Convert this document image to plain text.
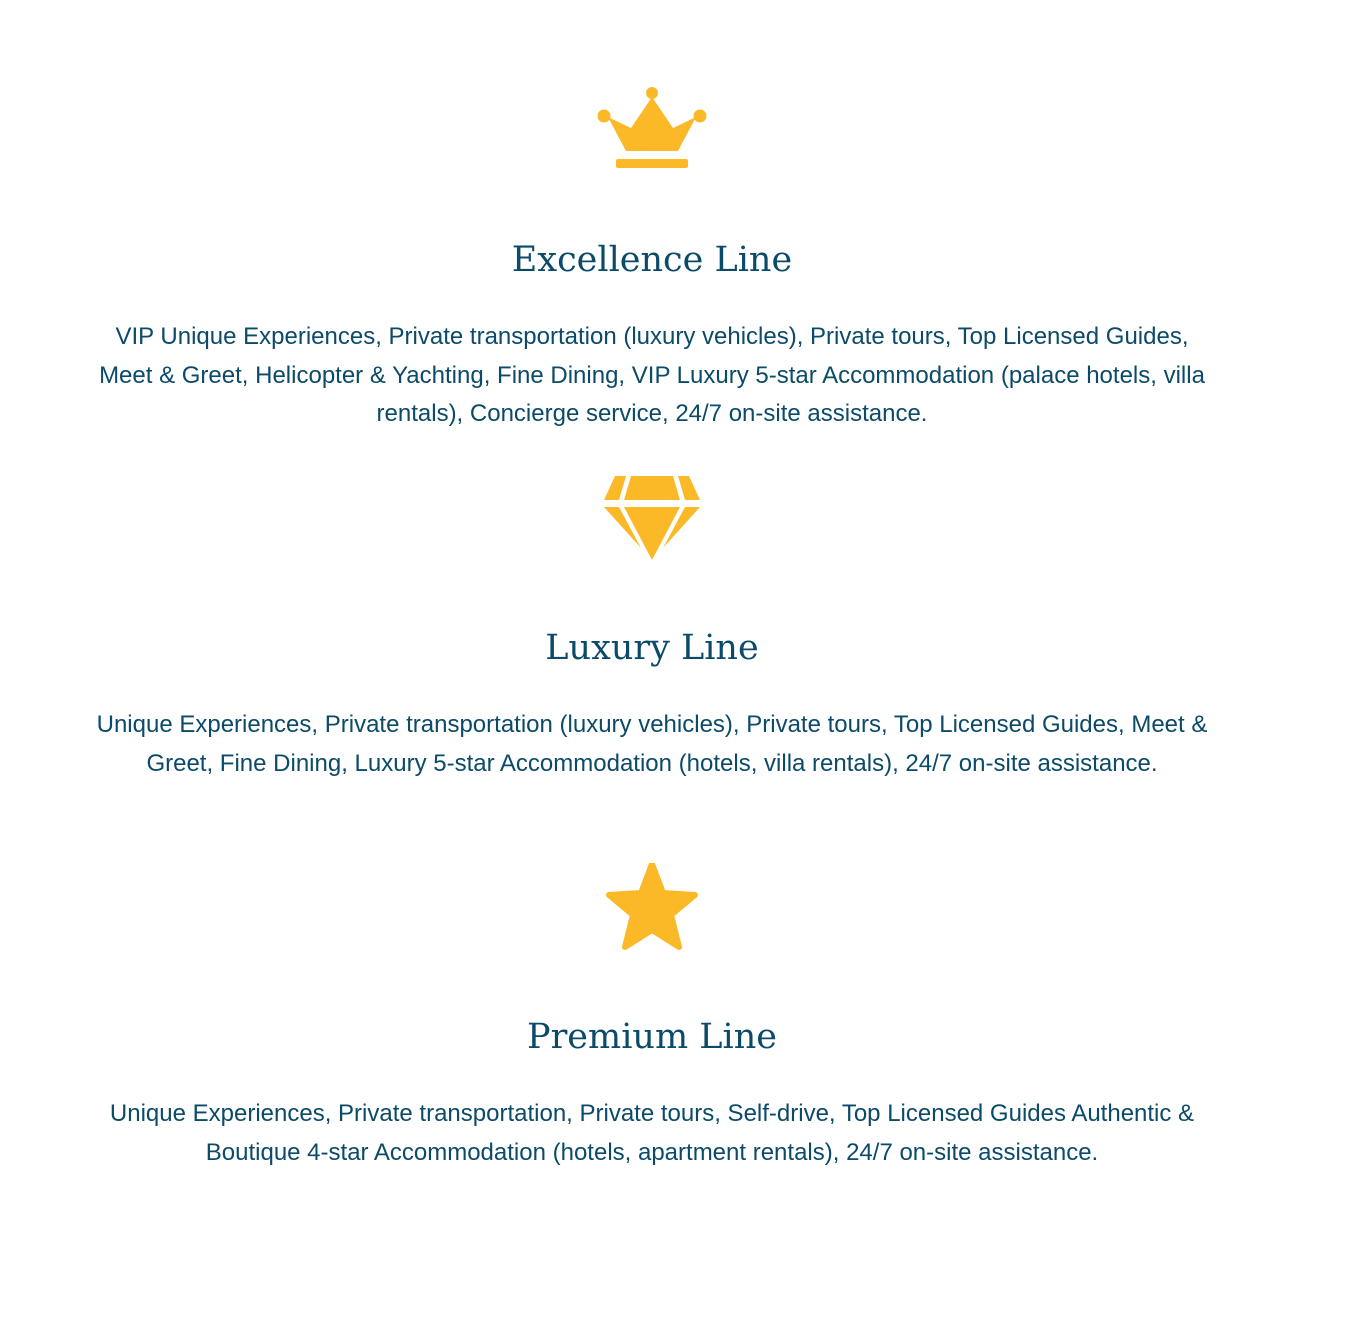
Excellence Line

VIP Unique Experiences, Private transportation (luxury vehicles), Private tours, Top Licensed Guides, Meet & Greet, Helicopter & Yachting, Fine Dining, VIP Luxury 5-star Accommodation (palace hotels, villa rentals), Concierge service, 24/7 on-site assistance.

Luxury Line

Unique Experiences, Private transportation (luxury vehicles), Private tours, Top Licensed Guides, Meet & Greet, Fine Dining, Luxury 5-star Accommodation (hotels, villa rentals), 24/7 on-site assistance.

Premium Line

Unique Experiences, Private transportation, Private tours, Self-drive, Top Licensed Guides Authentic & Boutique 4-star Accommodation (hotels, apartment rentals), 24/7 on-site assistance.
